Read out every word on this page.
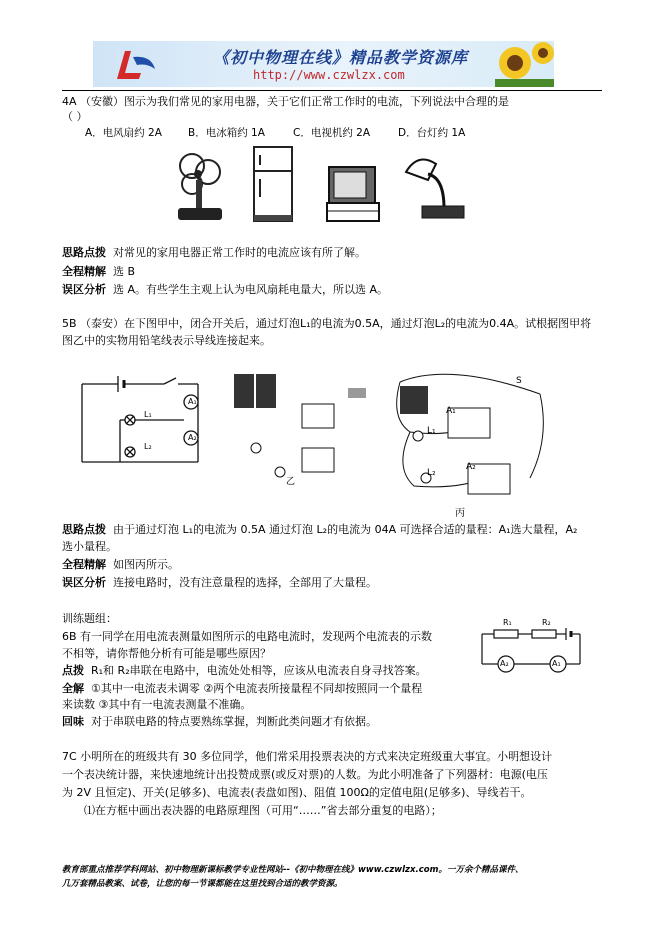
《初中物理在线》精品教学资源库
http://www.czwlzx.com
4A （安徽）图示为我们常见的家用电器，关于它们正常工作时的电流，下列说法中合理的是
（ ）
A．电风扇约 2A B．电冰箱约 1A	C．电视机约 2A	D．台灯约 1A
思路点拨 对常见的家用电器正常工作时的电流应该有所了解。
全程精解 选 B
误区分析 选 A。有些学生主观上认为电风扇耗电量大，所以选 A。
5B （泰安）在下图甲中，闭合开关后，通过灯泡L₁的电流为0.5A，通过灯泡L₂的电流为0.4A。试根据图甲将
图乙中的实物用铅笔线表示导线连接起来。
L₁
L₂
A₁
A₂
乙
S
A₁
L₁
L₂
A₂
丙
思路点拨 由于通过灯泡 L₁的电流为 0.5A 通过灯泡 L₂的电流为 04A 可选择合适的量程：A₁选大量程，A₂
选小量程。
全程精解 如图丙所示。
误区分析 连接电路时，没有注意量程的选择，全部用了大量程。
训练题组：
6B 有一同学在用电流表测量如图所示的电路电流时，发现两个电流表的示数
不相等，请你帮他分析有可能是哪些原因？
点拨 R₁和 R₂串联在电路中，电流处处相等，应该从电流表自身寻找答案。
全解 ①其中一电流表未调零 ②两个电流表所接量程不同却按照同一个量程
来读数 ③其中有一电流表测量不准确。
回味 对于串联电路的特点要熟练掌握，判断此类问题才有依据。
R₁	R₂
A₂	A₁
7C 小明所在的班级共有 30 多位同学，他们常采用投票表决的方式来决定班级重大事宜。小明想设计
一个表决统计器，来快速地统计出投赞成票(或反对票)的人数。为此小明准备了下列器材：电源(电压
为 2V 且恒定)、开关(足够多)、电流表(表盘如图)、阻值 100Ω的定值电阻(足够多)、导线若干。
⑴在方框中画出表决器的电路原理图（可用“……”省去部分重复的电路）；
教育部重点推荐学科网站、初中物理新课标教学专业性网站--《初中物理在线》www.czwlzx.com。一万余个精品课件、
几万套精品教案、试卷，让您的每一节课都能在这里找到合适的教学资源。
